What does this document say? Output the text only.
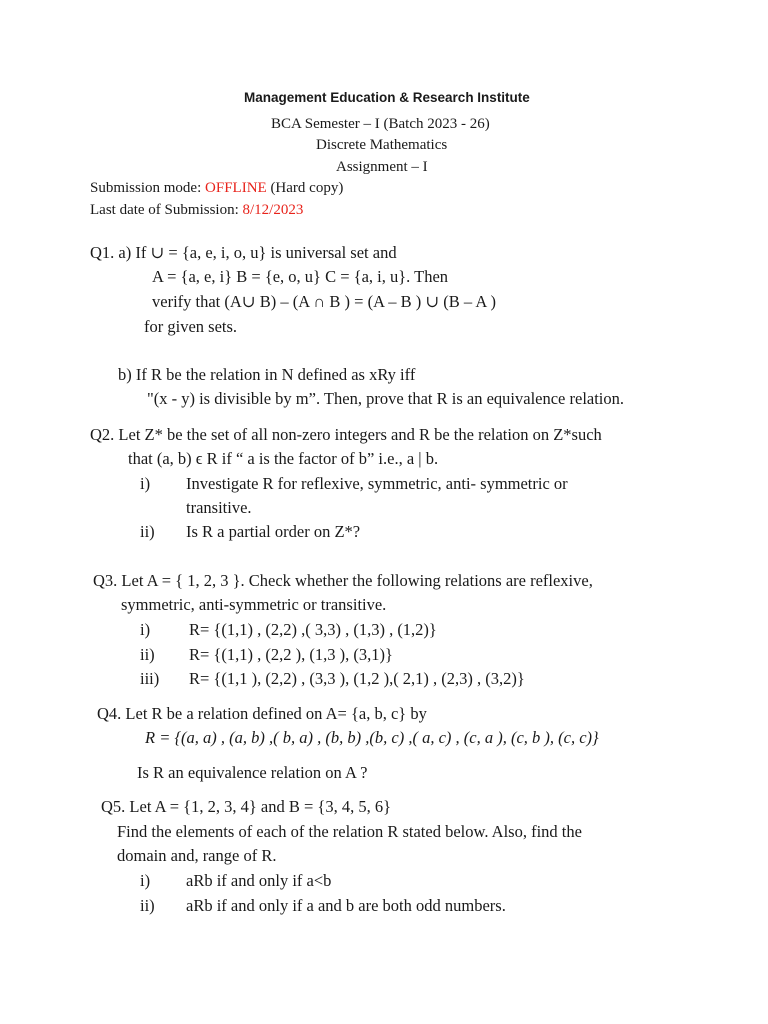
Management Education & Research Institute
BCA Semester – I (Batch 2023 - 26)
Discrete Mathematics
Assignment – I
Submission mode: OFFLINE (Hard copy)
Last date of Submission: 8/12/2023
Q1. a) If ∪ = {a, e, i, o, u} is universal set and
A = {a, e, i} B = {e, o, u} C = {a, i, u}. Then
verify that (A∪ B) – (A ∩ B ) = (A – B ) ∪ (B – A )
for given sets.
b) If R be the relation in N defined as xRy iff
"(x - y) is divisible by m”. Then, prove that R is an equivalence relation.
Q2. Let Z* be the set of all non-zero integers and R be the relation on Z*such
that (a, b) ϵ R if “ a is the factor of b” i.e., a | b.
i) Investigate R for reflexive, symmetric, anti- symmetric or
transitive.
ii) Is R a partial order on Z*?
Q3. Let A = { 1, 2, 3 }. Check whether the following relations are reflexive,
symmetric, anti-symmetric or transitive.
i) R= {(1,1) , (2,2) ,( 3,3) , (1,3) , (1,2)}
ii) R= {(1,1) , (2,2 ), (1,3 ), (3,1)}
iii) R= {(1,1 ), (2,2) , (3,3 ), (1,2 ),( 2,1) , (2,3) , (3,2)}
Q4. Let R be a relation defined on A= {a, b, c} by
R = {(a, a) , (a, b) ,( b, a) , (b, b) ,(b, c) ,( a, c) , (c, a ), (c, b ), (c, c)}
Is R an equivalence relation on A ?
Q5. Let A = {1, 2, 3, 4} and B = {3, 4, 5, 6}
Find the elements of each of the relation R stated below. Also, find the
domain and, range of R.
i) aRb if and only if a<b
ii) aRb if and only if a and b are both odd numbers.
